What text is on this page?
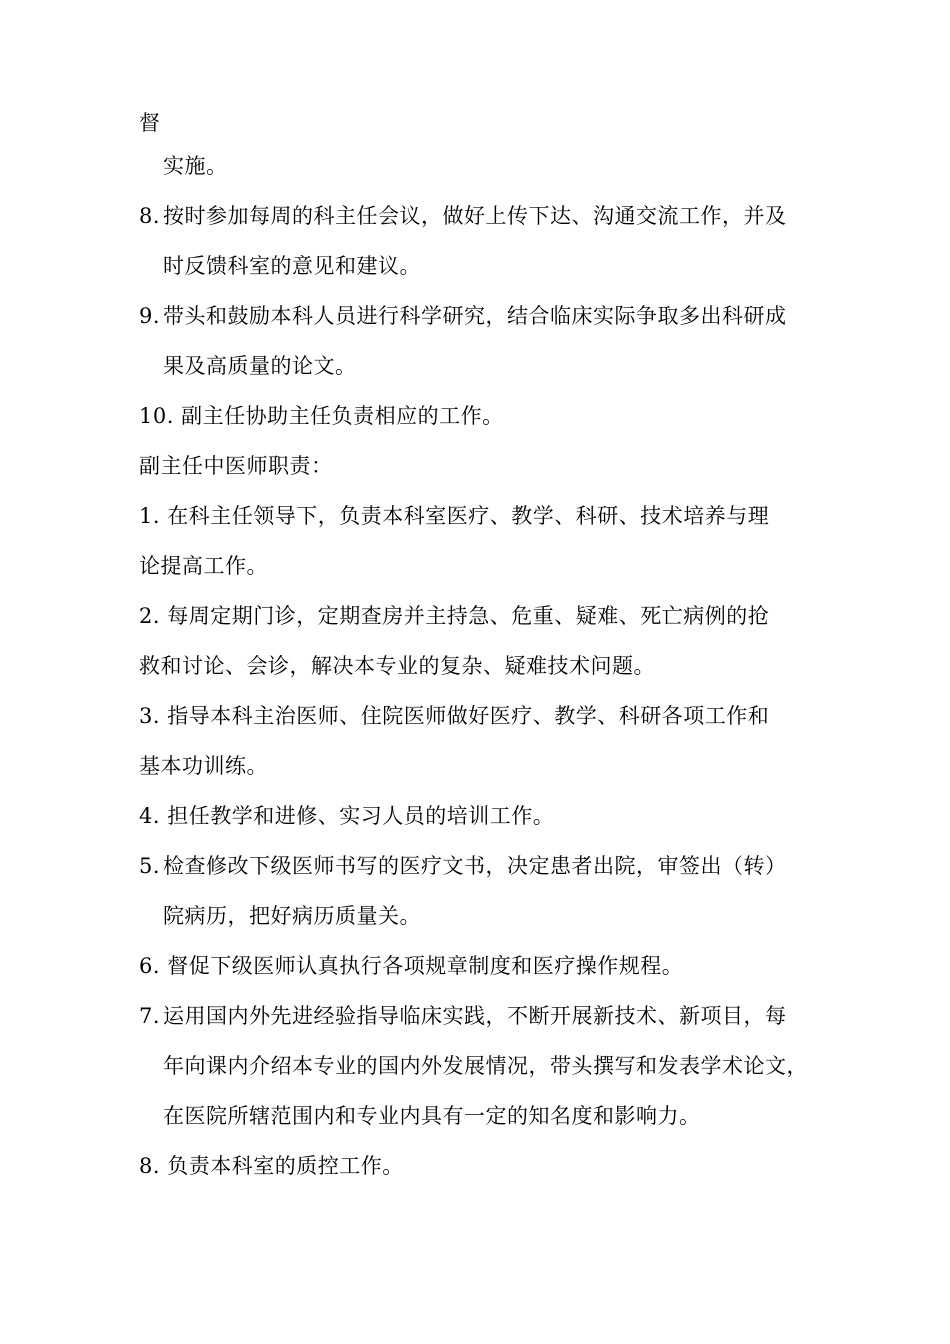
督
实施。
8. 按时参加每周的科主任会议，做好上传下达、沟通交流工作，并及
时反馈科室的意见和建议。
9. 带头和鼓励本科人员进行科学研究，结合临床实际争取多出科研成
果及高质量的论文。
10. 副主任协助主任负责相应的工作。
副主任中医师职责：
1. 在科主任领导下，负责本科室医疗、教学、科研、技术培养与理
论提高工作。
2. 每周定期门诊，定期查房并主持急、危重、疑难、死亡病例的抢
救和讨论、会诊，解决本专业的复杂、疑难技术问题。
3. 指导本科主治医师、住院医师做好医疗、教学、科研各项工作和
基本功训练。
4. 担任教学和进修、实习人员的培训工作。
5. 检查修改下级医师书写的医疗文书，决定患者出院，审签出（转）
院病历，把好病历质量关。
6. 督促下级医师认真执行各项规章制度和医疗操作规程。
7. 运用国内外先进经验指导临床实践，不断开展新技术、新项目，每
年向课内介绍本专业的国内外发展情况，带头撰写和发表学术论文，
在医院所辖范围内和专业内具有一定的知名度和影响力。
8. 负责本科室的质控工作。
